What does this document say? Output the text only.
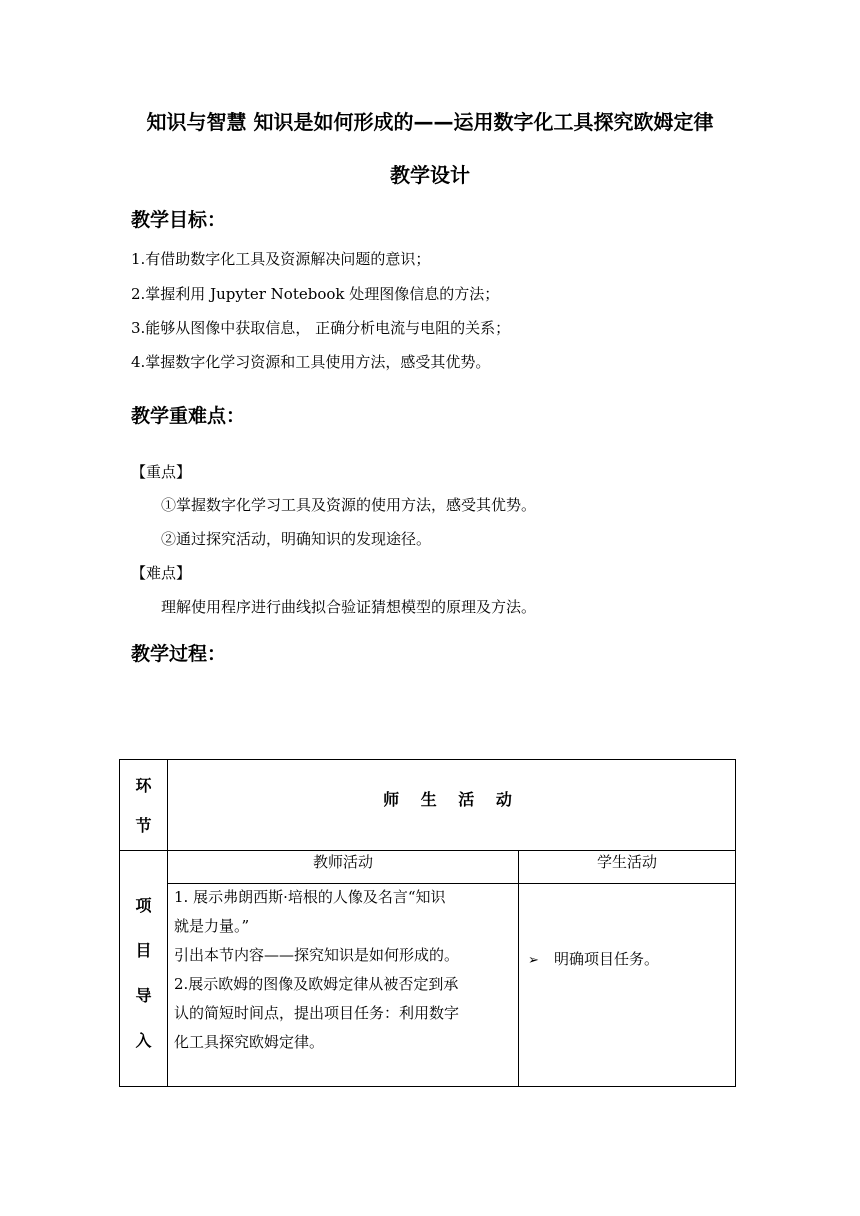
知识与智慧 知识是如何形成的——运用数字化工具探究欧姆定律
教学设计
教学目标：
1.有借助数字化工具及资源解决问题的意识；
2.掌握利用 Jupyter Notebook 处理图像信息的方法；
3.能够从图像中获取信息， 正确分析电流与电阻的关系；
4.掌握数字化学习资源和工具使用方法，感受其优势。
教学重难点：
【重点】
①掌握数字化学习工具及资源的使用方法，感受其优势。
②通过探究活动，明确知识的发现途径。
【难点】
理解使用程序进行曲线拟合验证猜想模型的原理及方法。
教学过程：
环
节
师 生 活 动
教师活动	学生活动
项
目
导
入
1. 展示弗朗西斯·培根的人像及名言“知识
就是力量。”
引出本节内容——探究知识是如何形成的。
2.展示欧姆的图像及欧姆定律从被否定到承
认的简短时间点，提出项目任务：利用数字
化工具探究欧姆定律。
➢ 明确项目任务。
